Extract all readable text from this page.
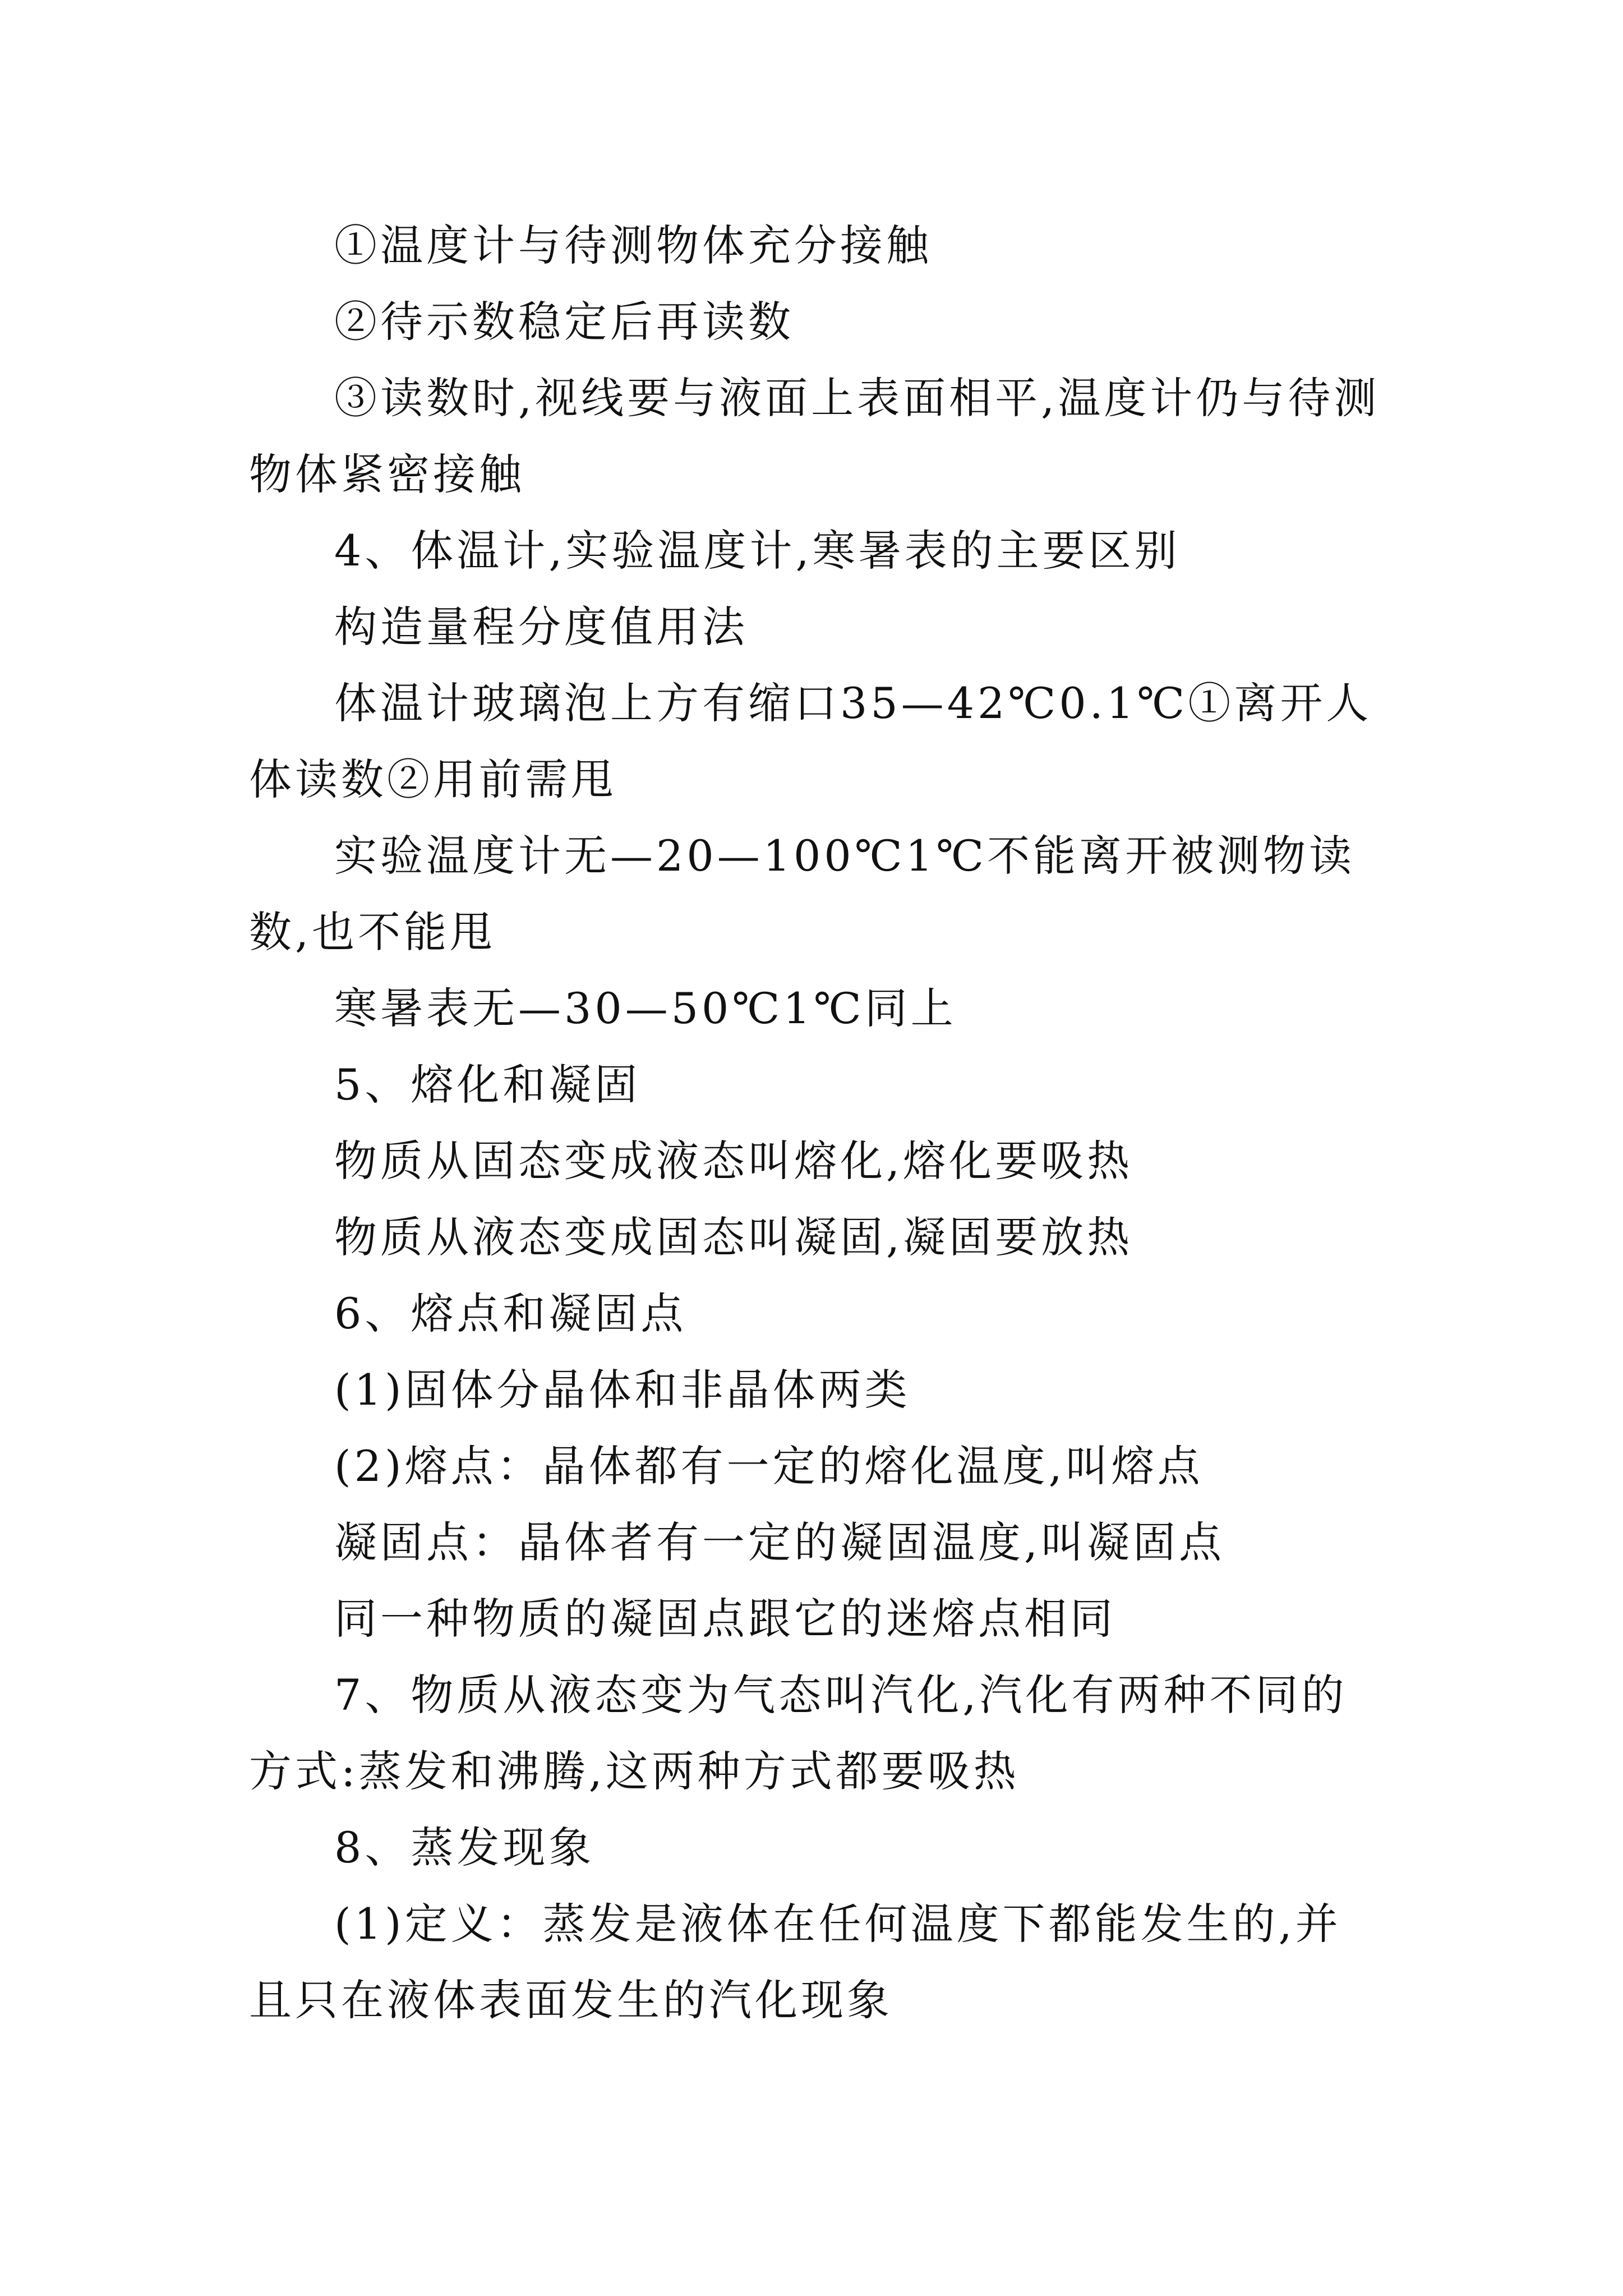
①温度计与待测物体充分接触

②待示数稳定后再读数

③读数时,视线要与液面上表面相平,温度计仍与待测物体紧密接触

4、体温计,实验温度计,寒暑表的主要区别

构造量程分度值用法

体温计玻璃泡上方有缩口35—42℃0.1℃①离开人体读数②用前需甩

实验温度计无—20—100℃1℃不能离开被测物读数,也不能甩

寒暑表无—30—50℃1℃同上

5、熔化和凝固

物质从固态变成液态叫熔化,熔化要吸热

物质从液态变成固态叫凝固,凝固要放热

6、熔点和凝固点

(1)固体分晶体和非晶体两类

(2)熔点：晶体都有一定的熔化温度,叫熔点

凝固点：晶体者有一定的凝固温度,叫凝固点

同一种物质的凝固点跟它的迷熔点相同

7、物质从液态变为气态叫汽化,汽化有两种不同的方式:蒸发和沸腾,这两种方式都要吸热

8、蒸发现象

(1)定义：蒸发是液体在任何温度下都能发生的,并且只在液体表面发生的汽化现象
